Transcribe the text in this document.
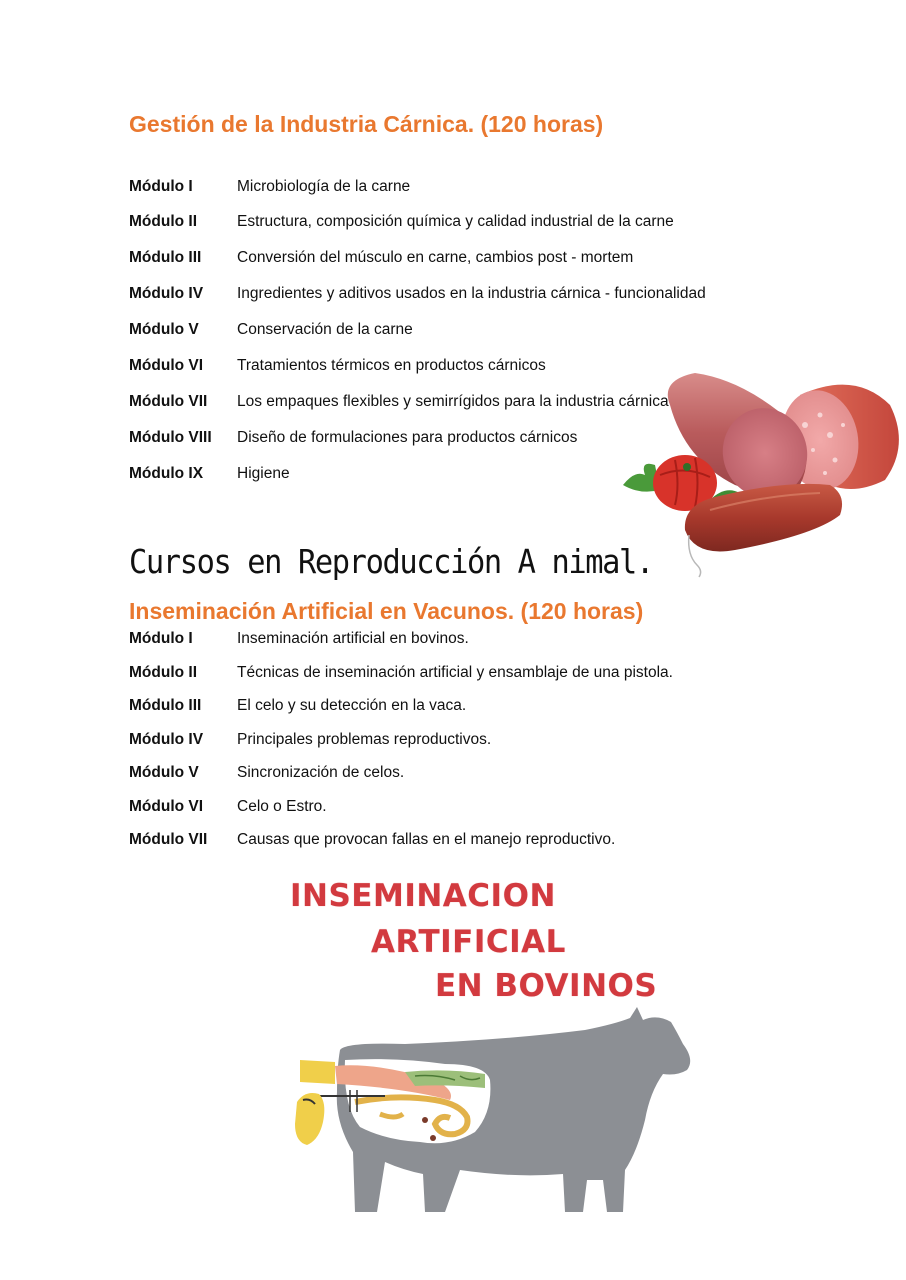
Gestión de la Industria Cárnica. (120 horas)
Módulo I	Microbiología de la carne
Módulo II	Estructura, composición química y calidad industrial de la carne
Módulo III Conversión del músculo en carne, cambios post - mortem
Módulo IV Ingredientes y aditivos usados en la industria cárnica - funcionalidad
Módulo V Conservación de la carne
Módulo VI Tratamientos térmicos en productos cárnicos
Módulo VII Los empaques flexibles y semirrígidos para la industria cárnica
Módulo VIII Diseño de formulaciones para productos cárnicos
Módulo IX Higiene
Cursos en Reproducción A nimal.
Inseminación Artificial en Vacunos. (120 horas)
Módulo I	Inseminación artificial en bovinos.
Módulo II	Técnicas de inseminación artificial y ensamblaje de una pistola.
Módulo III El celo y su detección en la vaca.
Módulo IV Principales problemas reproductivos.
Módulo V Sincronización de celos.
Módulo VI Celo o Estro.
Módulo VII Causas que provocan fallas en el manejo reproductivo.
INSEMINACION
ARTIFICIAL
EN BOVINOS
